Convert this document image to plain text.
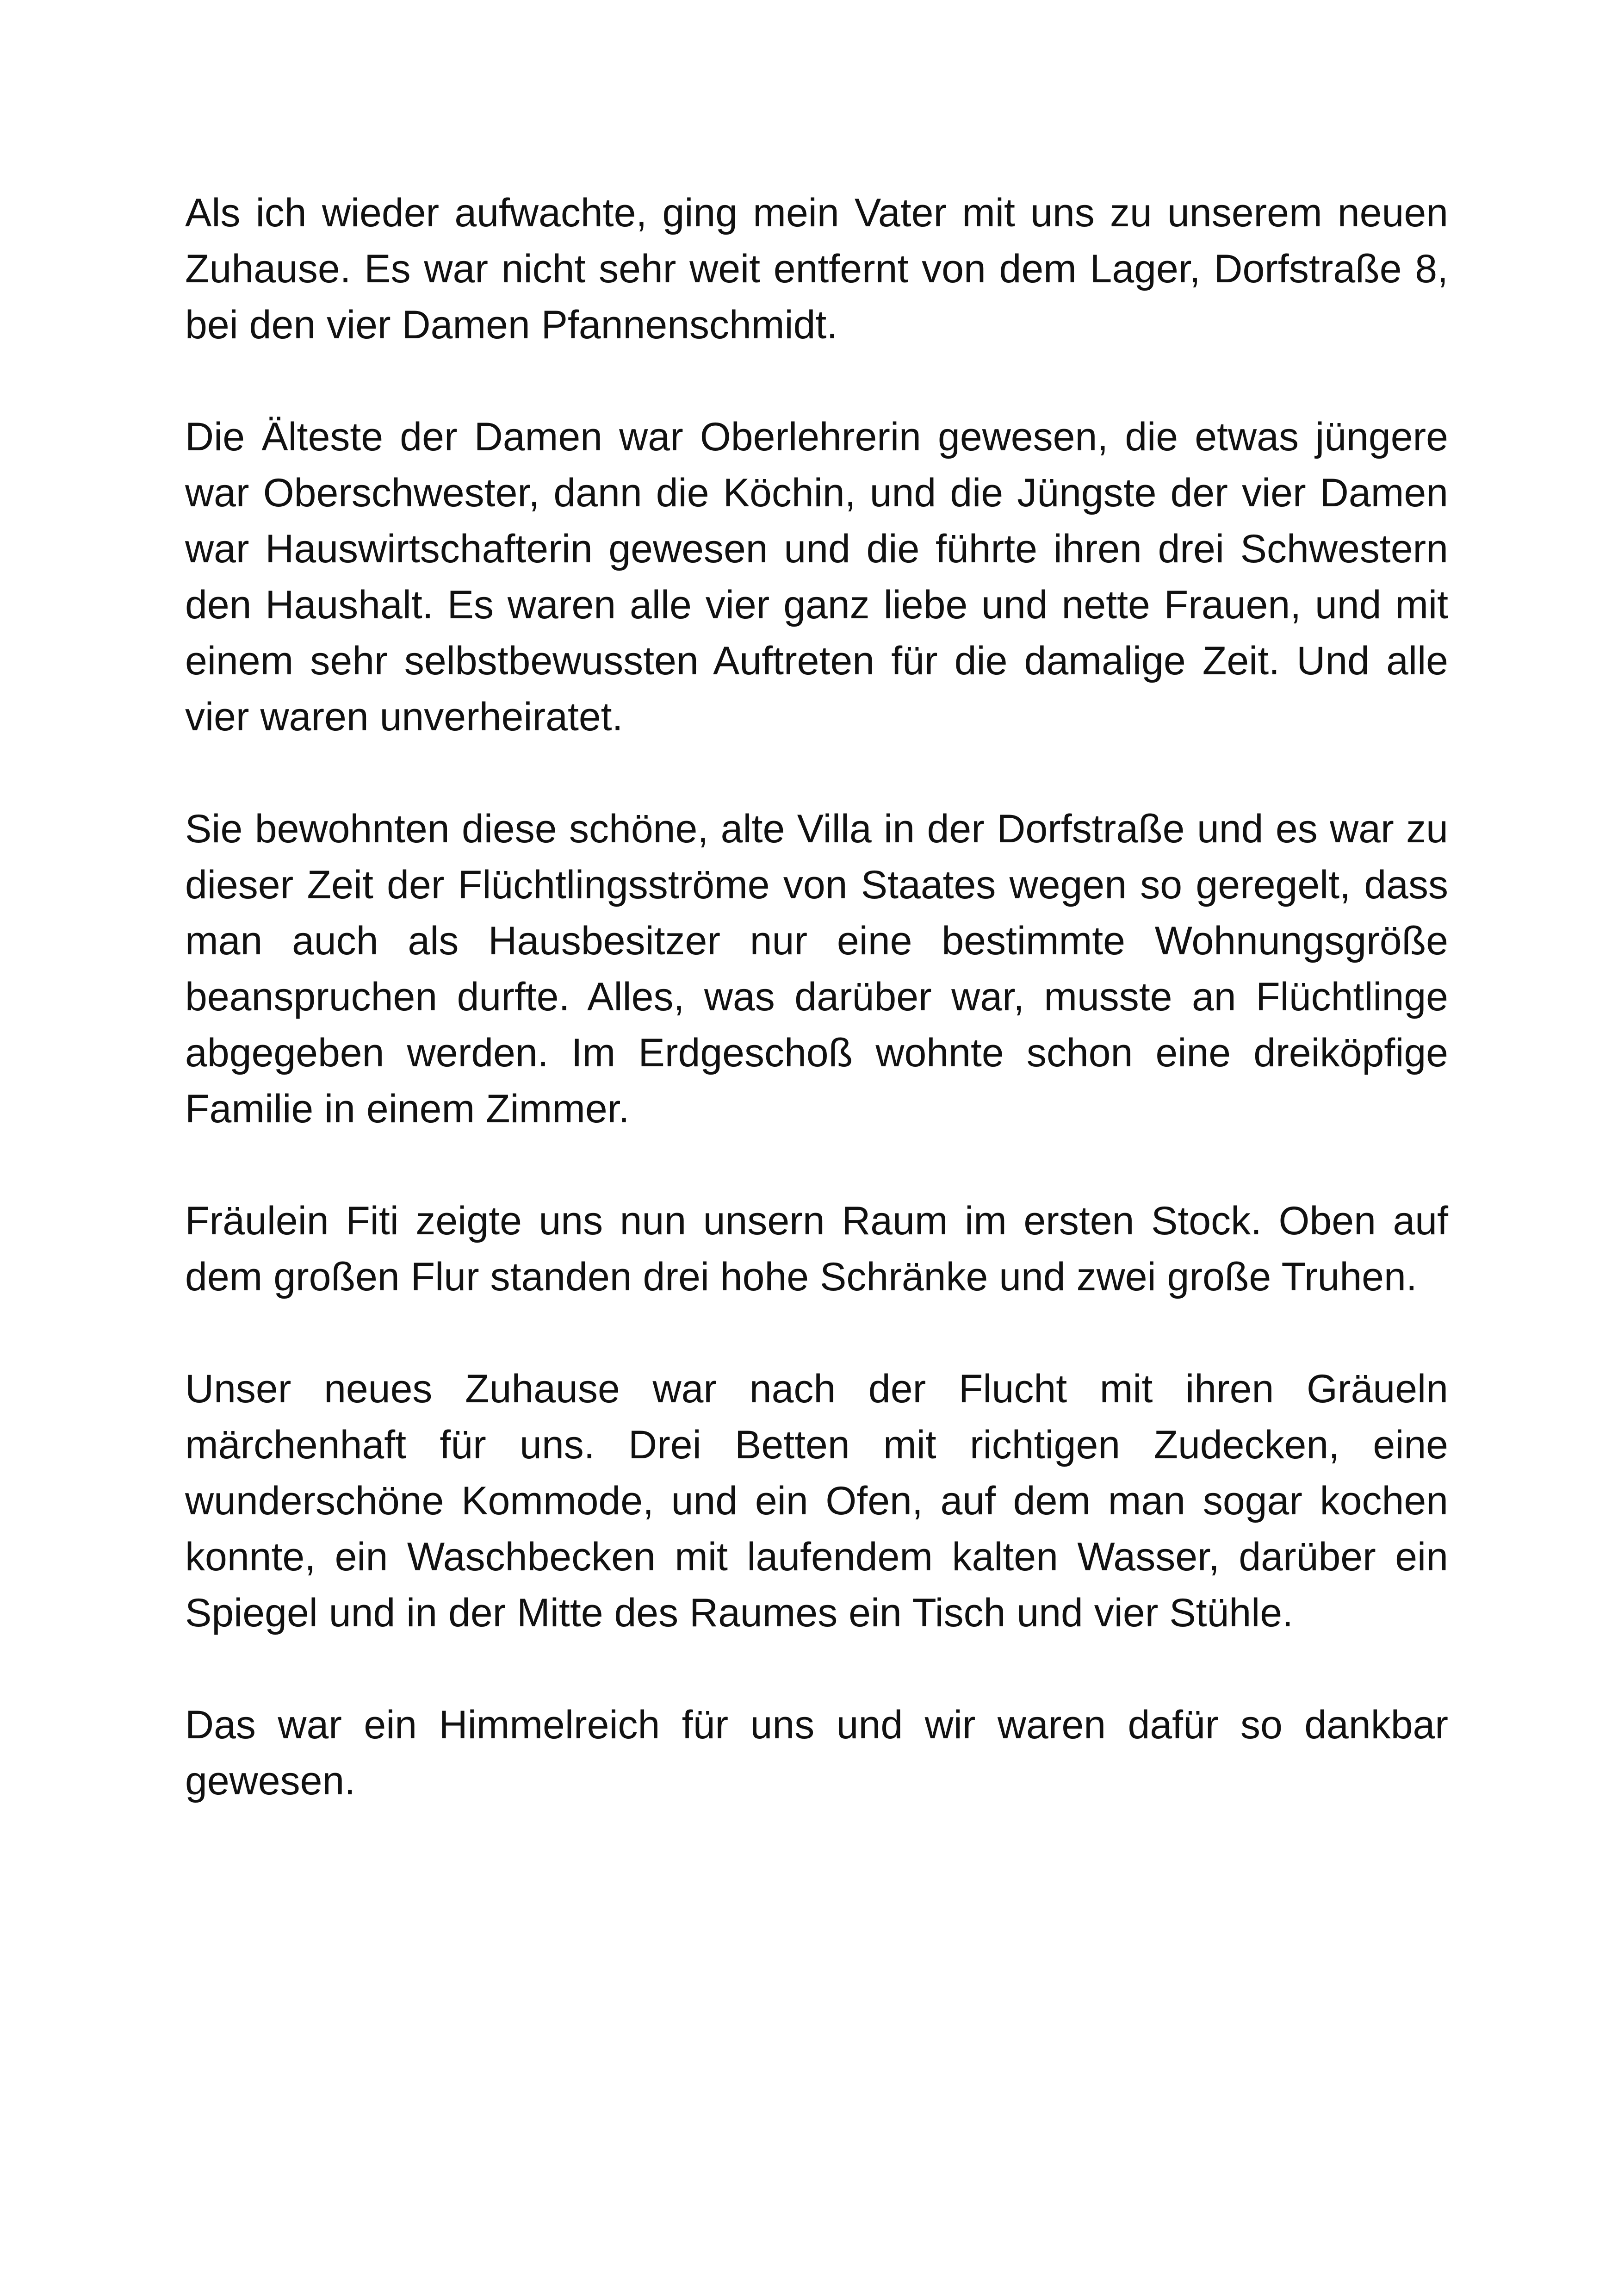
Als ich wieder aufwachte, ging mein Vater mit uns zu unserem neuen Zuhause. Es war nicht sehr weit entfernt von dem Lager, Dorfstraße 8, bei den vier Damen Pfannenschmidt.

Die Älteste der Damen war Oberlehrerin gewesen, die etwas jüngere war Oberschwester, dann die Köchin, und die Jüngste der vier Damen war Hauswirtschafterin gewesen und die führte ihren drei Schwestern den Haushalt. Es waren alle vier ganz liebe und nette Frauen, und mit einem sehr selbstbewussten Auftreten für die damalige Zeit. Und alle vier waren unverheiratet.

Sie bewohnten diese schöne, alte Villa in der Dorfstraße und es war zu dieser Zeit der Flüchtlingsströme von Staates wegen so geregelt, dass man auch als Hausbesitzer nur eine bestimmte Wohnungsgröße beanspruchen durfte. Alles, was darüber war, musste an Flüchtlinge abgegeben werden. Im Erdgeschoß wohnte schon eine dreiköpfige Familie in einem Zimmer.

Fräulein Fiti zeigte uns nun unsern Raum im ersten Stock. Oben auf dem großen Flur standen drei hohe Schränke und zwei große Truhen.

Unser neues Zuhause war nach der Flucht mit ihren Gräueln märchenhaft für uns. Drei Betten mit richtigen Zudecken, eine wunderschöne Kommode, und ein Ofen, auf dem man sogar kochen konnte, ein Waschbecken mit laufendem kalten Wasser, darüber ein Spiegel und in der Mitte des Raumes ein Tisch und vier Stühle.

Das war ein Himmelreich für uns und wir waren dafür so dankbar gewesen.
